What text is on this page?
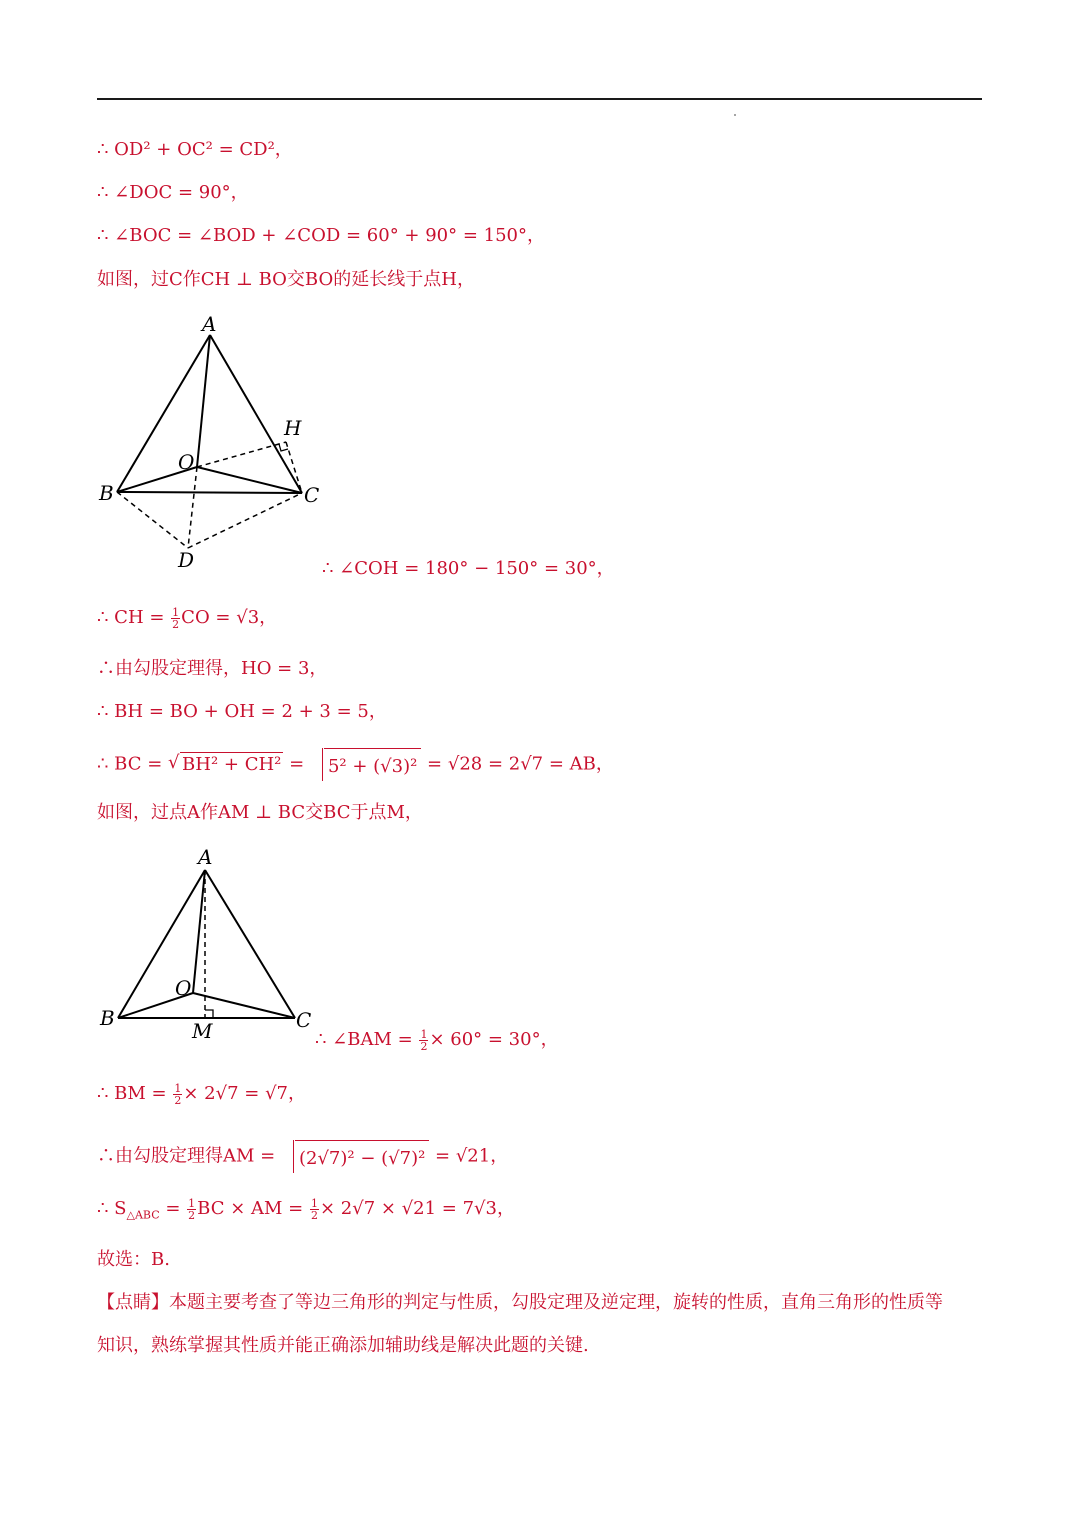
∴ OD² + OC² = CD²，
∴ ∠DOC = 90°，
∴ ∠BOC = ∠BOD + ∠COD = 60° + 90° = 150°，
如图，过C作CH ⊥ BO交BO的延长线于点H，
A
H
O
B	C
D	∴ ∠COH = 180° − 150° = 30°，
∴ CH = $\frac{1}{2}$ CO = √3，
∴由勾股定理得，HO = 3，
∴ BH = BO + OH = 2 + 3 = 5，
∴ BC = √ BH² + CH² = 5² + (√3)² = √28 = 2√7 = AB，
如图，过点A作AM ⊥ BC交BC于点M，
A
O
B	C
M	∴ ∠BAM = $\frac{1}{2} \times 60^\circ = 30^\circ$，
∴ BM = $\frac{1}{2} \times 2√7 = √7$，
∴由勾股定理得AM = (2√7)² − (√7)² = √21，
∴ $S_{\triangle ABC} = \frac{1}{2}$ BC × AM = $\frac{1}{2} \times 2√7 \times √21 = 7√3$，
故选：B.
【点睛】本题主要考查了等边三角形的判定与性质，勾股定理及逆定理，旋转的性质，直角三角形的性质等
知识，熟练掌握其性质并能正确添加辅助线是解决此题的关键.
